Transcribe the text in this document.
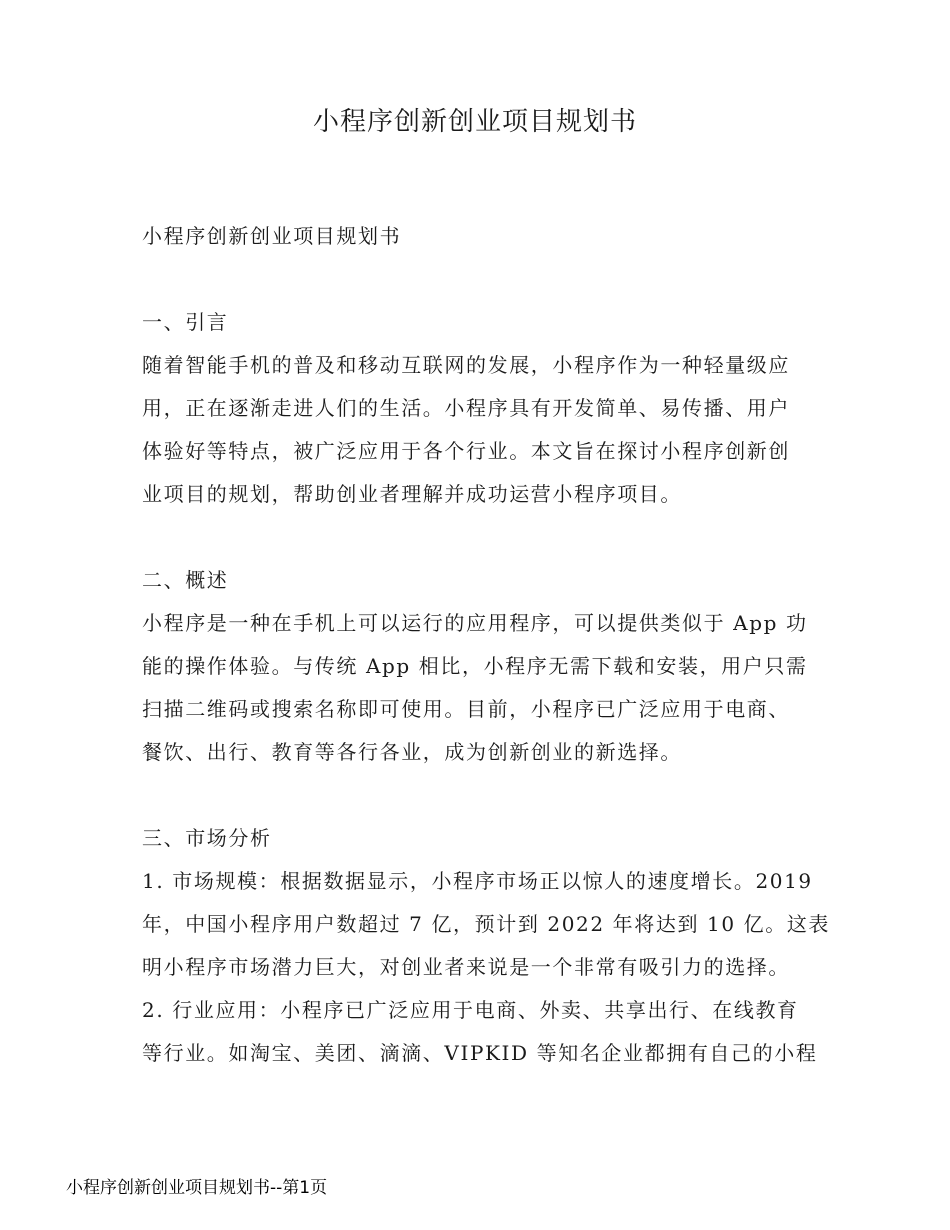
小程序创新创业项目规划书
小程序创新创业项目规划书
一、引言
随着智能手机的普及和移动互联网的发展，小程序作为一种轻量级应
用，正在逐渐走进人们的生活。小程序具有开发简单、易传播、用户
体验好等特点，被广泛应用于各个行业。本文旨在探讨小程序创新创
业项目的规划，帮助创业者理解并成功运营小程序项目。
二、概述
小程序是一种在手机上可以运行的应用程序，可以提供类似于 App 功
能的操作体验。与传统 App 相比，小程序无需下载和安装，用户只需
扫描二维码或搜索名称即可使用。目前，小程序已广泛应用于电商、
餐饮、出行、教育等各行各业，成为创新创业的新选择。
三、市场分析
1. 市场规模：根据数据显示，小程序市场正以惊人的速度增长。2019
年，中国小程序用户数超过 7 亿，预计到 2022 年将达到 10 亿。这表
明小程序市场潜力巨大，对创业者来说是一个非常有吸引力的选择。
2. 行业应用：小程序已广泛应用于电商、外卖、共享出行、在线教育
等行业。如淘宝、美团、滴滴、VIPKID 等知名企业都拥有自己的小程
小程序创新创业项目规划书--第1页
